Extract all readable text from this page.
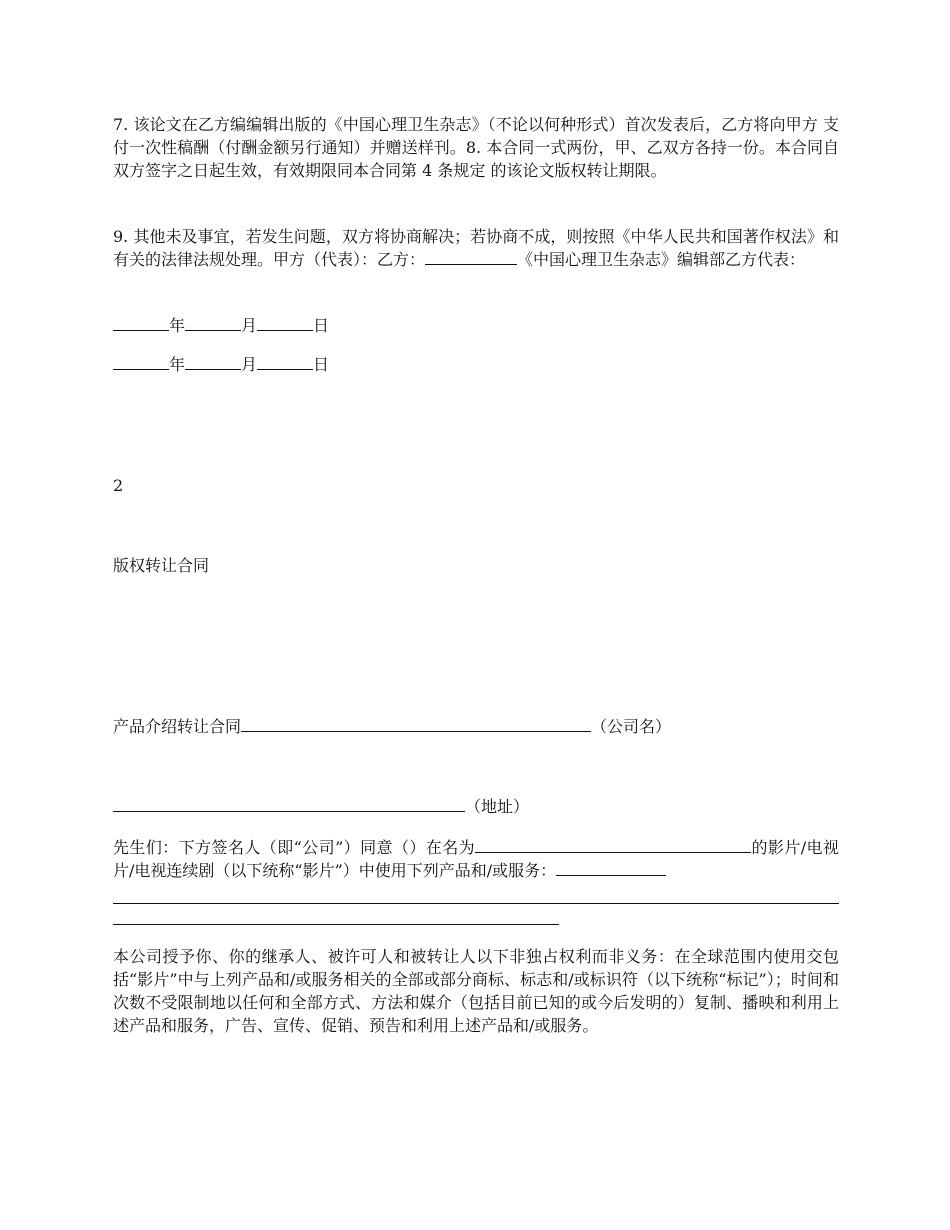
7. 该论文在乙方编编辑出版的《中国心理卫生杂志》（不论以何种形式）首次发表后，乙方将向甲方 支付一次性稿酬（付酬金额另行通知）并赠送样刊。8. 本合同一式两份，甲、乙双方各持一份。本合同自双方签字之日起生效，有效期限同本合同第 4 条规定 的该论文版权转让期限。

9. 其他未及事宜，若发生问题，双方将协商解决；若协商不成，则按照《中华人民共和国著作权法》和 有关的法律法规处理。甲方（代表）：乙方：	《中国心理卫生杂志》编辑部乙方代表：

年	月	日

年	月	日

2

版权转让合同

产品介绍转让合同	（公司名）

（地址）

先生们：下方签名人（即“公司”）同意（）在名为	的影片/电视片/电视连续剧（以下统称“影片”）中使用下列产品和/或服务：

本公司授予你、你的继承人、被许可人和被转让人以下非独占权利而非义务：在全球范围内使用交包括“影片”中与上列产品和/或服务相关的全部或部分商标、标志和/或标识符（以下统称“标记”）；时间和次数不受限制地以任何和全部方式、方法和媒介（包括目前已知的或今后发明的）复制、播映和利用上述产品和服务，广告、宣传、促销、预告和利用上述产品和/或服务。
